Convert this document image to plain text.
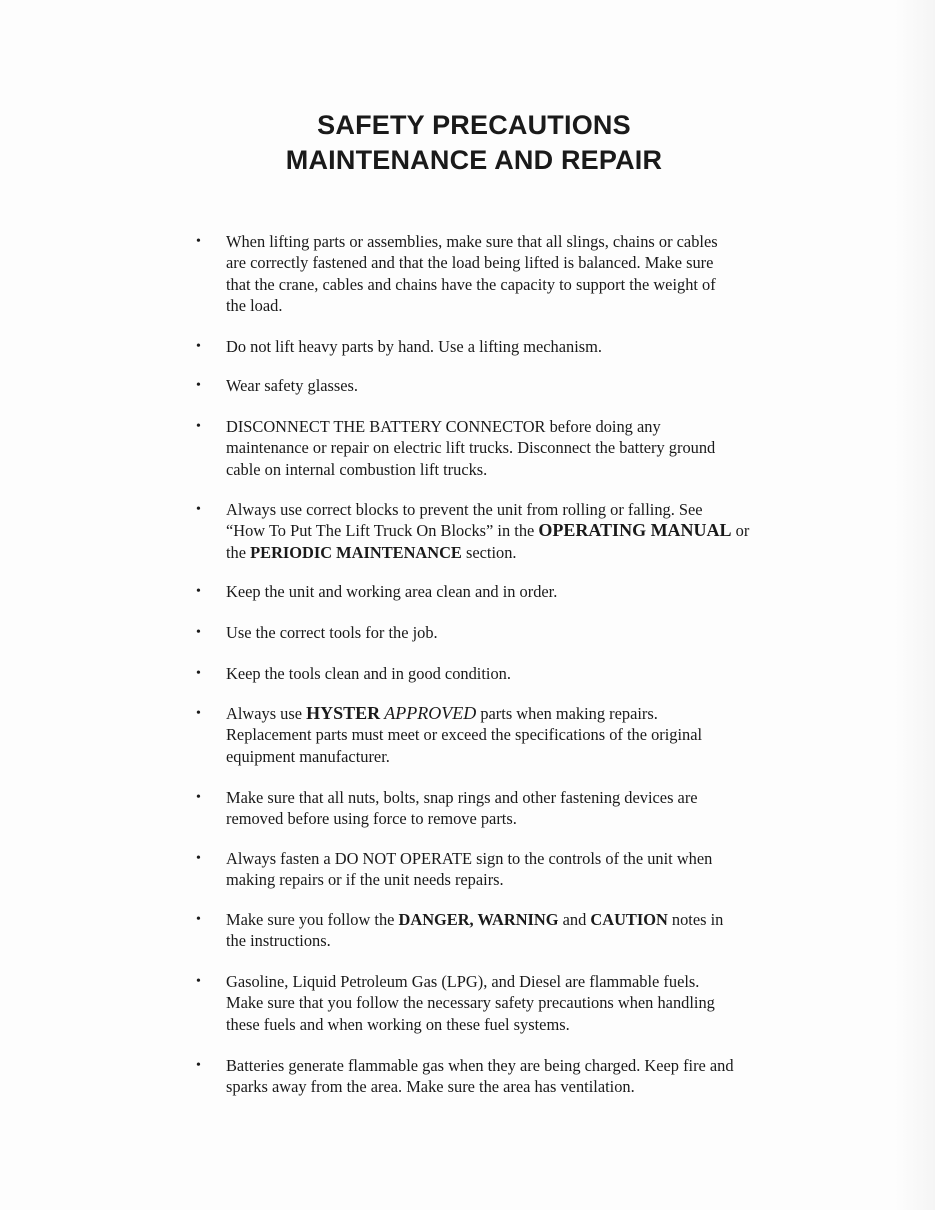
SAFETY PRECAUTIONS
MAINTENANCE AND REPAIR
•	When lifting parts or assemblies, make sure that all slings, chains or cables
are correctly fastened and that the load being lifted is balanced. Make sure
that the crane, cables and chains have the capacity to support the weight of
the load.
•	Do not lift heavy parts by hand. Use a lifting mechanism.
•	Wear safety glasses.
•	DISCONNECT THE BATTERY CONNECTOR before doing any
maintenance or repair on electric lift trucks. Disconnect the battery ground
cable on internal combustion lift trucks.
•	Always use correct blocks to prevent the unit from rolling or falling. See
“How To Put The Lift Truck On Blocks” in the OPERATING MANUAL or
the PERIODIC MAINTENANCE section.
•	Keep the unit and working area clean and in order.
•	Use the correct tools for the job.
•	Keep the tools clean and in good condition.
•	Always use HYSTER APPROVED parts when making repairs.
Replacement parts must meet or exceed the specifications of the original
equipment manufacturer.
•	Make sure that all nuts, bolts, snap rings and other fastening devices are
removed before using force to remove parts.
•	Always fasten a DO NOT OPERATE sign to the controls of the unit when
making repairs or if the unit needs repairs.
•	Make sure you follow the DANGER, WARNING and CAUTION notes in
the instructions.
•	Gasoline, Liquid Petroleum Gas (LPG), and Diesel are flammable fuels.
Make sure that you follow the necessary safety precautions when handling
these fuels and when working on these fuel systems.
•	Batteries generate flammable gas when they are being charged. Keep fire and
sparks away from the area. Make sure the area has ventilation.
